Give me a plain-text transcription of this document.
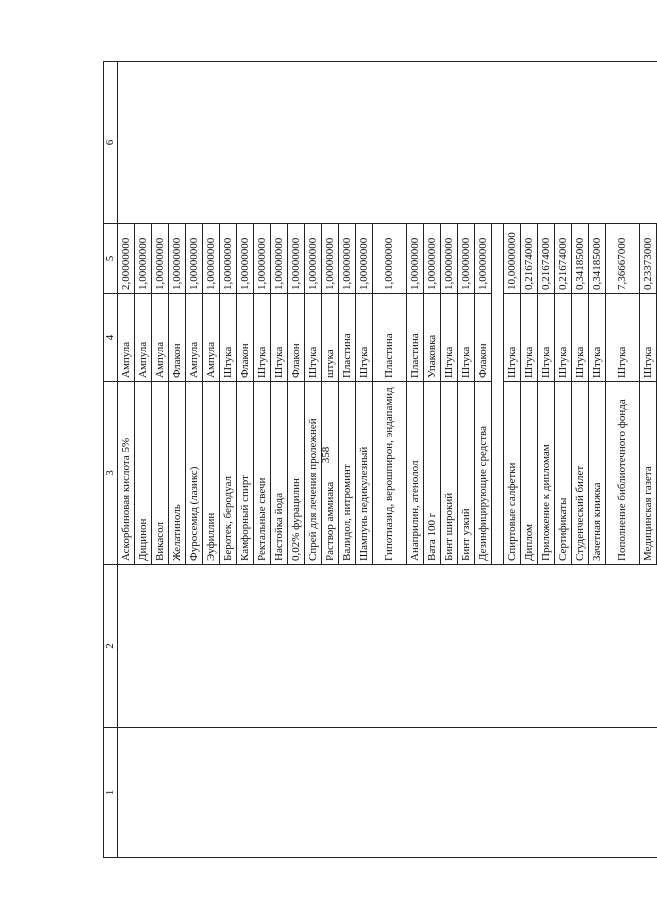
358
1	2	3	4	5	6
		Аскорбиновая кислота 5%	Ампула	2,00000000	
		Дицинон	Ампула	1,00000000	
		Викасол	Ампула	1,00000000	
		Желатиноль	Флакон	1,00000000	
		Фуросемид (лазикс)	Ампула	1,00000000	
		Эуфиллин	Ампула	1,00000000	
		Беротек, беродуал	Штука	1,00000000	
		Камфорный спирт	Флакон	1,00000000	
		Ректальные свечи	Штука	1,00000000	
		Настойка йода	Штука	1,00000000	
		0,02% фурацилин	Флакон	1,00000000	
		Спрей для лечения пролежней	Штука	1,00000000	
		Раствор аммиака	штука	1,00000000	
		Валидол, нитроминт	Пластина	1,00000000	
		Шампунь педикулезный	Штука	1,00000000	
		Гипотиазид, верошпирон, эндапамид	Пластина	1,00000000	
		Анаприлин, атенолол	Пластина	1,00000000	
		Вата 100 г	Упаковка	1,00000000	
		Бинт широкий	Штука	1,00000000	
		Бинт узкий	Штука	1,00000000	
		Дезинфицирующие средства	Флакон	1,00000000	

		Спиртовые салфетки	Штука	10,00000000	
		Диплом	Штука	0,21674000	
		Приложение к дипломам	Штука	0,21674000	
		Сертификаты	Штука	0,21674000	
		Студенческий билет	Штука	0,34185000	
		Зачетная книжка	Штука	0,34185000	
		Пополнение библиотечного фонда	Штука	7,36667000	
		Медицинская газета	Штука	0,23373000	
